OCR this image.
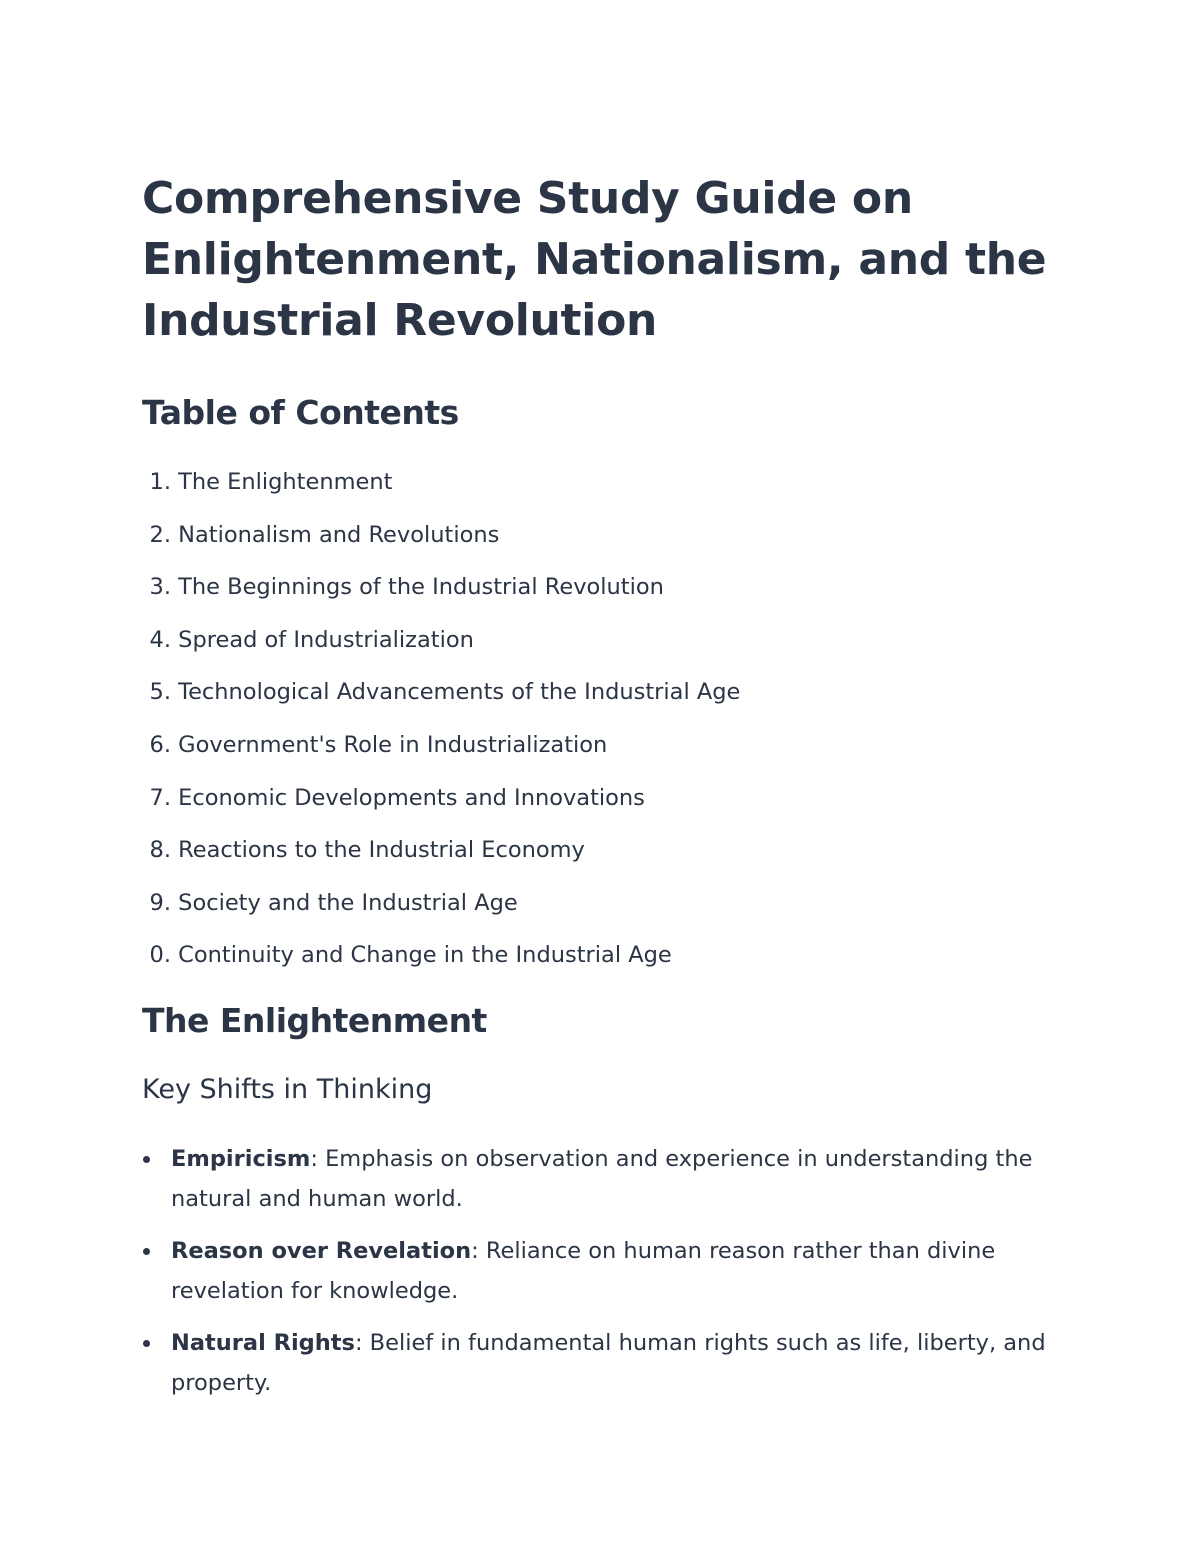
Comprehensive Study Guide on Enlightenment, Nationalism, and the Industrial Revolution
Table of Contents
1. The Enlightenment
2. Nationalism and Revolutions
3. The Beginnings of the Industrial Revolution
4. Spread of Industrialization
5. Technological Advancements of the Industrial Age
6. Government's Role in Industrialization
7. Economic Developments and Innovations
8. Reactions to the Industrial Economy
9. Society and the Industrial Age
0. Continuity and Change in the Industrial Age
The Enlightenment
Key Shifts in Thinking
Empiricism: Emphasis on observation and experience in understanding the natural and human world.
Reason over Revelation: Reliance on human reason rather than divine revelation for knowledge.
Natural Rights: Belief in fundamental human rights such as life, liberty, and property.
